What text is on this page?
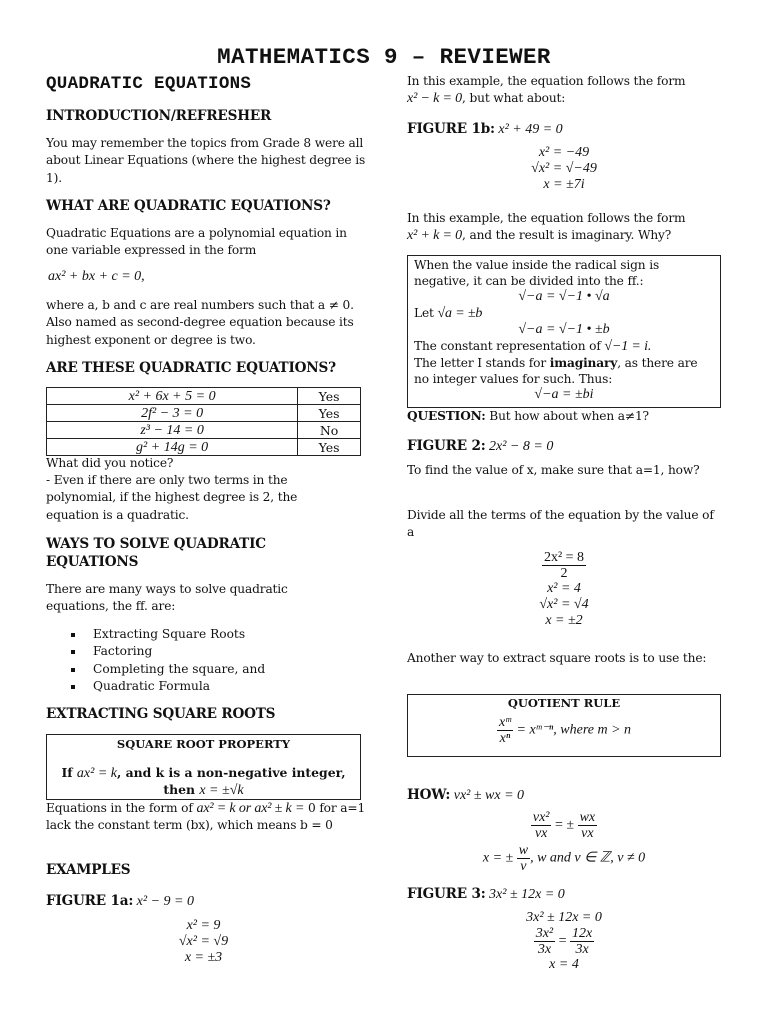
MATHEMATICS 9 – REVIEWER
QUADRATIC EQUATIONS
INTRODUCTION/REFRESHER
You may remember the topics from Grade 8 were all about Linear Equations (where the highest degree is 1).
WHAT ARE QUADRATIC EQUATIONS?
Quadratic Equations are a polynomial equation in one variable expressed in the form
ax² + bx + c = 0,
where a, b and c are real numbers such that a ≠ 0. Also named as second-degree equation because its highest exponent or degree is two.
ARE THESE QUADRATIC EQUATIONS?
x² + 6x + 5 = 0	Yes
2f² − 3 = 0	Yes
z³ − 14 = 0	No
g² + 14g = 0	Yes
What did you notice?
- Even if there are only two terms in the polynomial, if the highest degree is 2, the equation is a quadratic.
WAYS TO SOLVE QUADRATIC EQUATIONS
There are many ways to solve quadratic equations, the ff. are:
Extracting Square Roots
Factoring
Completing the square, and
Quadratic Formula
EXTRACTING SQUARE ROOTS
SQUARE ROOT PROPERTY
If ax² = k, and k is a non-negative integer,
then x = ±√k
Equations in the form of ax² = k or ax² ± k = 0 for a=1 lack the constant term (bx), which means b = 0
EXAMPLES
FIGURE 1a: x² − 9 = 0
x² = 9
√x² = √9
x = ±3
In this example, the equation follows the form
x² − k = 0, but what about:
FIGURE 1b: x² + 49 = 0
x² = −49
√x² = √−49
x = ±7i
In this example, the equation follows the form
x² + k = 0, and the result is imaginary. Why?
When the value inside the radical sign is negative, it can be divided into the ff.:
√−a = √−1 • √a
Let √a = ±b
√−a = √−1 • ±b
The constant representation of √−1 = i.
The letter I stands for imaginary, as there are no integer values for such. Thus:
√−a = ±bi
QUESTION: But how about when a≠1?
FIGURE 2: 2x² − 8 = 0
To find the value of x, make sure that a=1, how?
Divide all the terms of the equation by the value of a
$\frac{\text{2x² = 8}}{2}$
x² = 4
√x² = √4
x = ±2
Another way to extract square roots is to use the:
QUOTIENT RULE
$\frac{\text{xᵐ}}{\text{xⁿ}}$ = xᵐ⁻ⁿ, where m > n
HOW: vx² ± wx = 0
$\frac{\text{vx²}}{vx}$ = ± $\frac{wx}{vx}$
x = ± $\frac{w}{v}$ , w and v ∈ ℤ, v ≠ 0
FIGURE 3: 3x² ± 12x = 0
3x² ± 12x = 0
$\frac{\text{3x²}}{3x} = \frac{12x}{3x}$
x = 4
